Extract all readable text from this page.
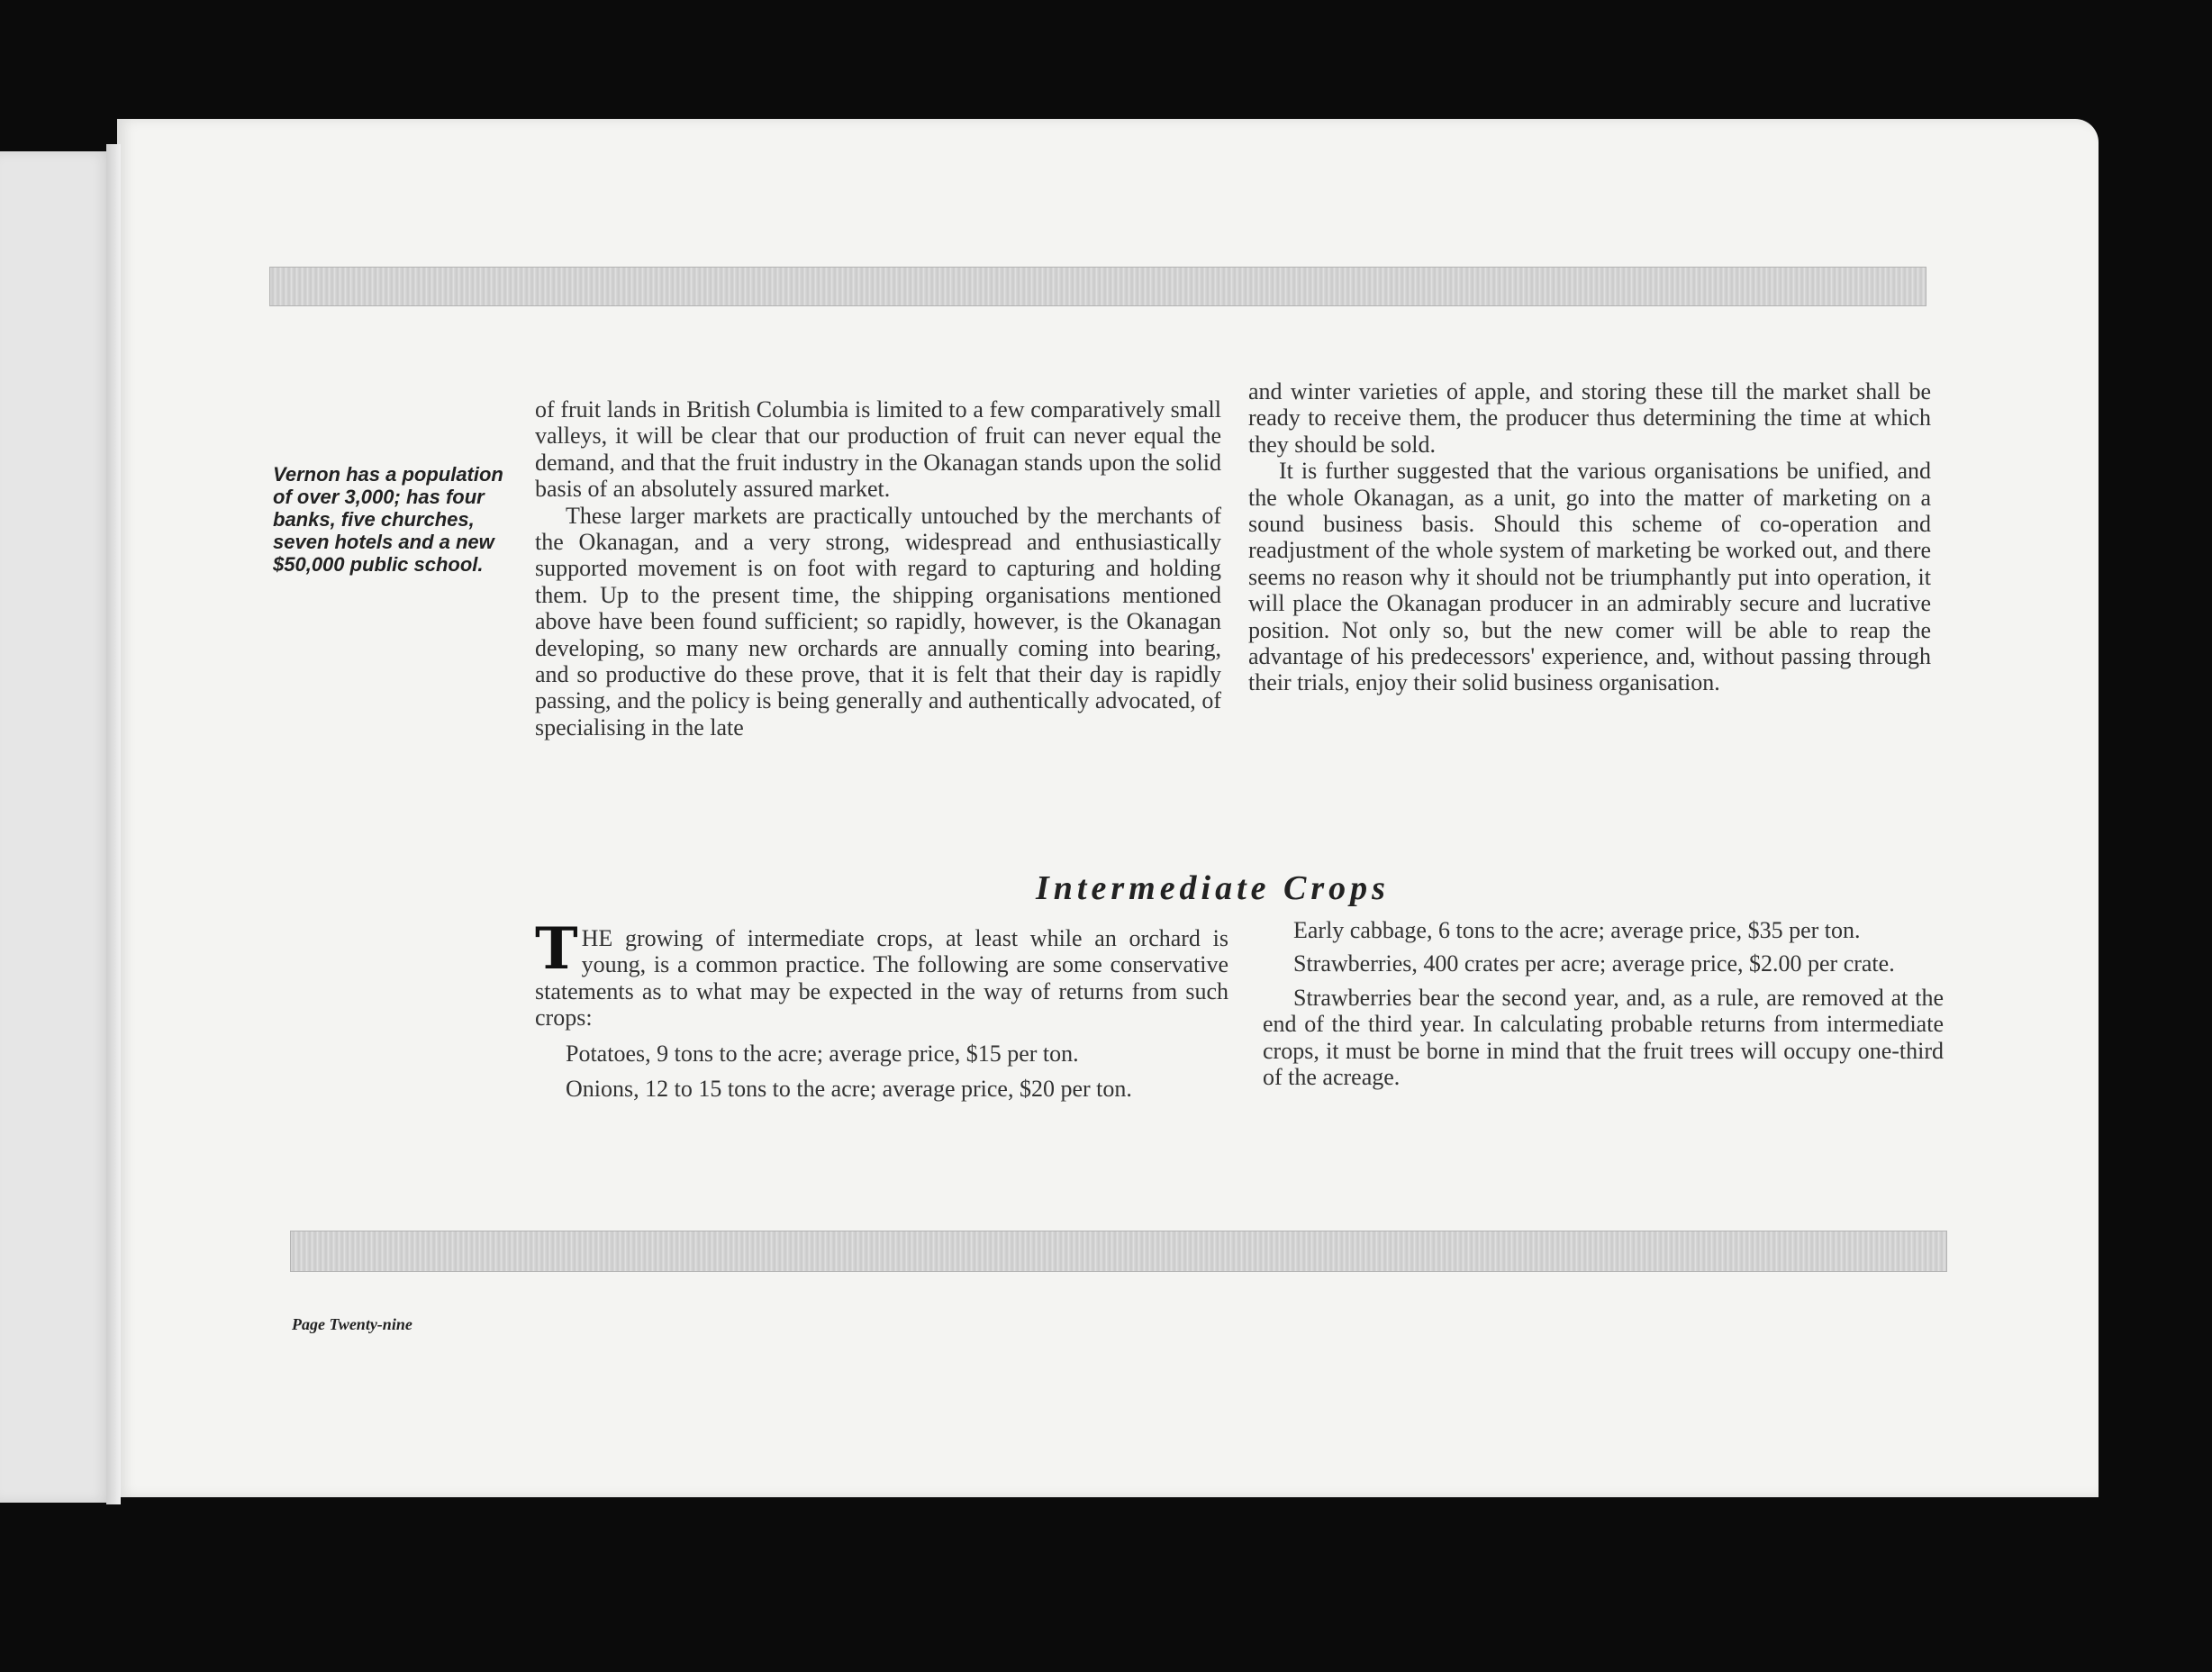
Vernon has a population of over 3,000; has four banks, five churches, seven hotels and a new $50,000 public school.

of fruit lands in British Columbia is limited to a few comparatively small valleys, it will be clear that our production of fruit can never equal the demand, and that the fruit industry in the Okanagan stands upon the solid basis of an absolutely assured market.

These larger markets are practically untouched by the merchants of the Okanagan, and a very strong, widespread and enthusiastically supported movement is on foot with regard to capturing and holding them. Up to the present time, the shipping organisations mentioned above have been found sufficient; so rapidly, however, is the Okanagan developing, so many new orchards are annually coming into bearing, and so productive do these prove, that it is felt that their day is rapidly passing, and the policy is being generally and authentically advocated, of specialising in the late

and winter varieties of apple, and storing these till the market shall be ready to receive them, the producer thus determining the time at which they should be sold.

It is further suggested that the various organisations be unified, and the whole Okanagan, as a unit, go into the matter of marketing on a sound business basis. Should this scheme of co-operation and readjustment of the whole system of marketing be worked out, and there seems no reason why it should not be triumphantly put into operation, it will place the Okanagan producer in an admirably secure and lucrative position. Not only so, but the new comer will be able to reap the advantage of his predecessors' experience, and, without passing through their trials, enjoy their solid business organisation.

Intermediate Crops

THE growing of intermediate crops, at least while an orchard is young, is a common practice. The following are some conservative statements as to what may be expected in the way of returns from such crops:

Potatoes, 9 tons to the acre; average price, $15 per ton.

Onions, 12 to 15 tons to the acre; average price, $20 per ton.

Early cabbage, 6 tons to the acre; average price, $35 per ton.

Strawberries, 400 crates per acre; average price, $2.00 per crate.

Strawberries bear the second year, and, as a rule, are removed at the end of the third year. In calculating probable returns from intermediate crops, it must be borne in mind that the fruit trees will occupy one-third of the acreage.

Page Twenty-nine
